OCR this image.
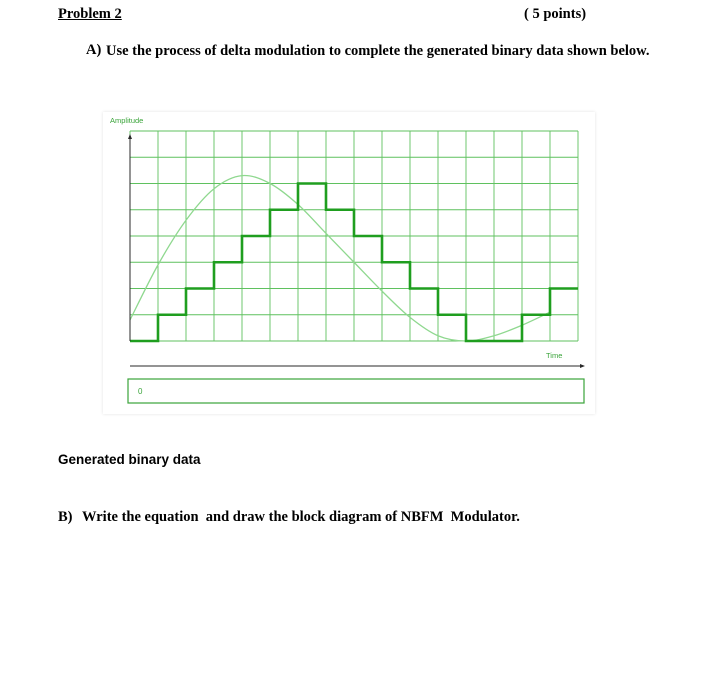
Problem 2	( 5 points)
A) Use the process of delta modulation to complete the generated binary data shown below.
Amplitude
Time
0
Generated binary data
B) Write the equation  and draw the block diagram of NBFM  Modulator.
